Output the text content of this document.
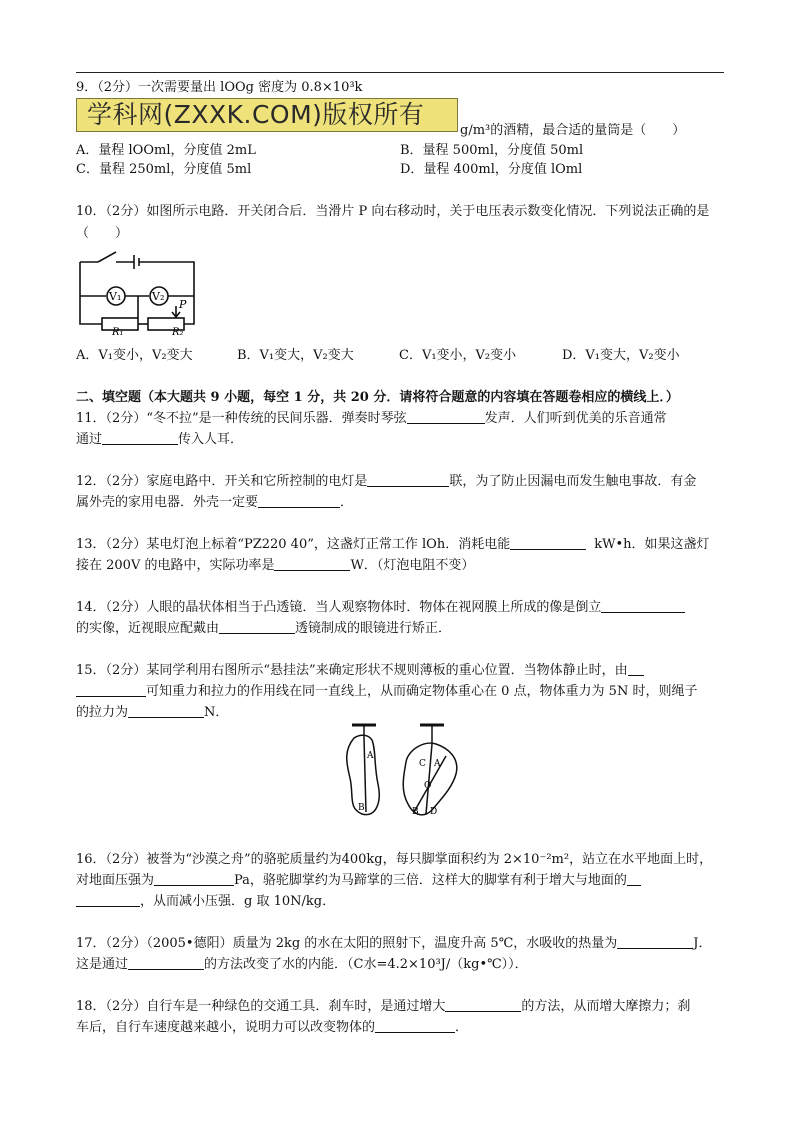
9．（2分）一次需要量出 lOOg 密度为 0.8×10³k
学科网(ZXXK.COM)版权所有
g/m³的酒精，最合适的量筒是（　　）
A．量程 lOOml，分度值 2mL	B．量程 500ml，分度值 50ml
C．量程 250ml，分度值 5ml	D．量程 400ml，分度值 lOml
10．（2分）如图所示电路．开关闭合后．当滑片 P 向右移动时，关于电压表示数变化情况．下列说法正确的是
（　　）
V₁	V₂
P
R₁	R₂
A．V₁变小，V₂变大	B．V₁变大，V₂变大	C．V₁变小，V₂变小	D．V₁变大，V₂变小
二、填空题（本大题共 9 小题，每空 1 分，共 20 分．请将符合题意的内容填在答题卷相应的横线上．）
11．（2分）“冬不拉”是一种传统的民间乐器．弹奏时琴弦	发声．人们听到优美的乐音通常
通过	传入人耳．
12．（2分）家庭电路中．开关和它所控制的电灯是	联，为了防止因漏电而发生触电事故．有金
属外壳的家用电器．外壳一定要	．
13．（2分）某电灯泡上标着“PZ220 40”，这盏灯正常工作 lOh．消耗电能	kW•h．如果这盏灯
接在 200V 的电路中，实际功率是	W．（灯泡电阻不变）
14．（2分）人眼的晶状体相当于凸透镜．当人观察物体时．物体在视网膜上所成的像是倒立
的实像，近视眼应配戴由	透镜制成的眼镜进行矫正．
15．（2分）某同学利用右图所示“悬挂法”来确定形状不规则薄板的重心位置．当物体静止时，由
可知重力和拉力的作用线在同一直线上，从而确定物体重心在 0 点，物体重力为 5N 时，则绳子
的拉力为	N．
A
B
C A
O
B D
16．（2分）被誉为“沙漠之舟”的骆驼质量约为400kg，每只脚掌面积约为 2×10⁻²m²，站立在水平地面上时，
对地面压强为	Pa，骆驼脚掌约为马蹄掌的三倍．这样大的脚掌有利于增大与地面的
，从而减小压强．g 取 10N/kg．
17．（2分）（2005•德阳）质量为 2kg 的水在太阳的照射下，温度升高 5℃，水吸收的热量为	J．
这是通过	的方法改变了水的内能．（C水=4.2×10³J/（kg•℃））．
18．（2分）自行车是一种绿色的交通工具．刹车时，是通过增大	的方法，从而增大摩擦力；刹
车后，自行车速度越来越小，说明力可以改变物体的	．
